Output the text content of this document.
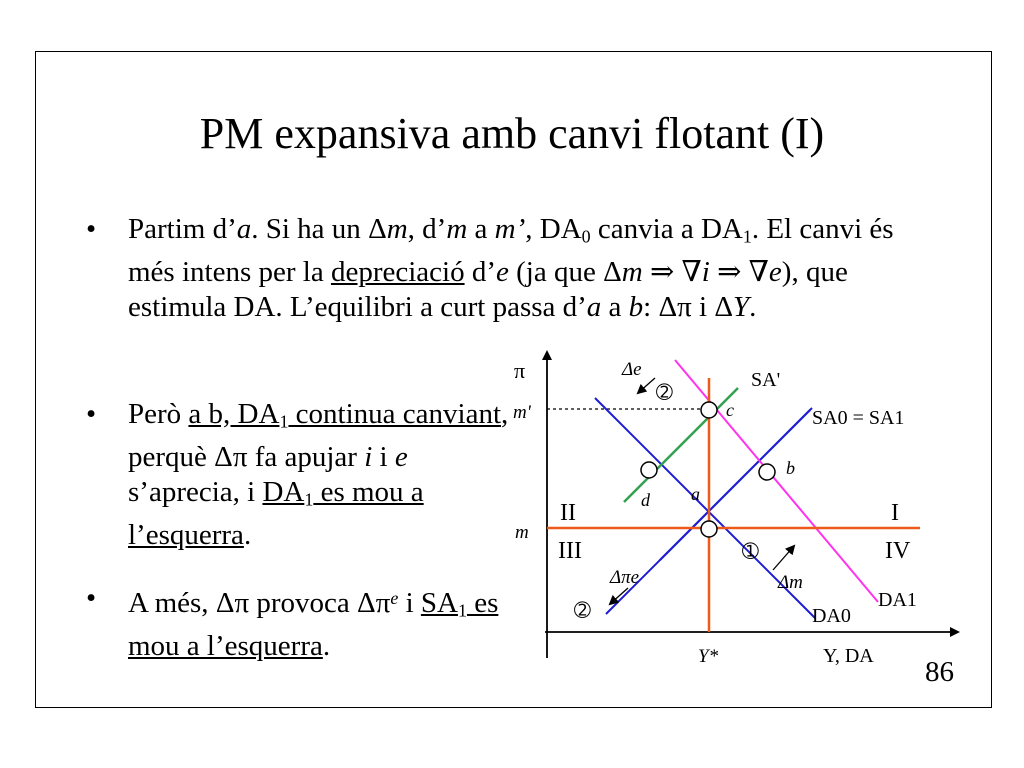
PM expansiva amb canvi flotant (I)
• Partim d’a. Si ha un Δm, d’m a m’, $DA_0$ canvia a $DA_1$. El canvi és més intens per la depreciació d’e (ja que Δm ⇒ ∇i ⇒ ∇e), que estimula DA. L’equilibri a curt passa d’a a b: Δπ i ΔY.
• Però a b, $DA_1$ continua canviant, perquè Δπ fa apujar i i e s’aprecia, i $DA_1$ es mou a l’esquerra.
• A més, Δπ provoca $\Delta\pi^e$ i $SA_1$ es mou a l’esquerra.
86
π
m'
m
Y*	Y, DA
II	I
III	IV
c
b
a
d
SA'
SA0 = SA1
DA1
DA0
Δe
Δm
Δπe
➁
➀
➁
